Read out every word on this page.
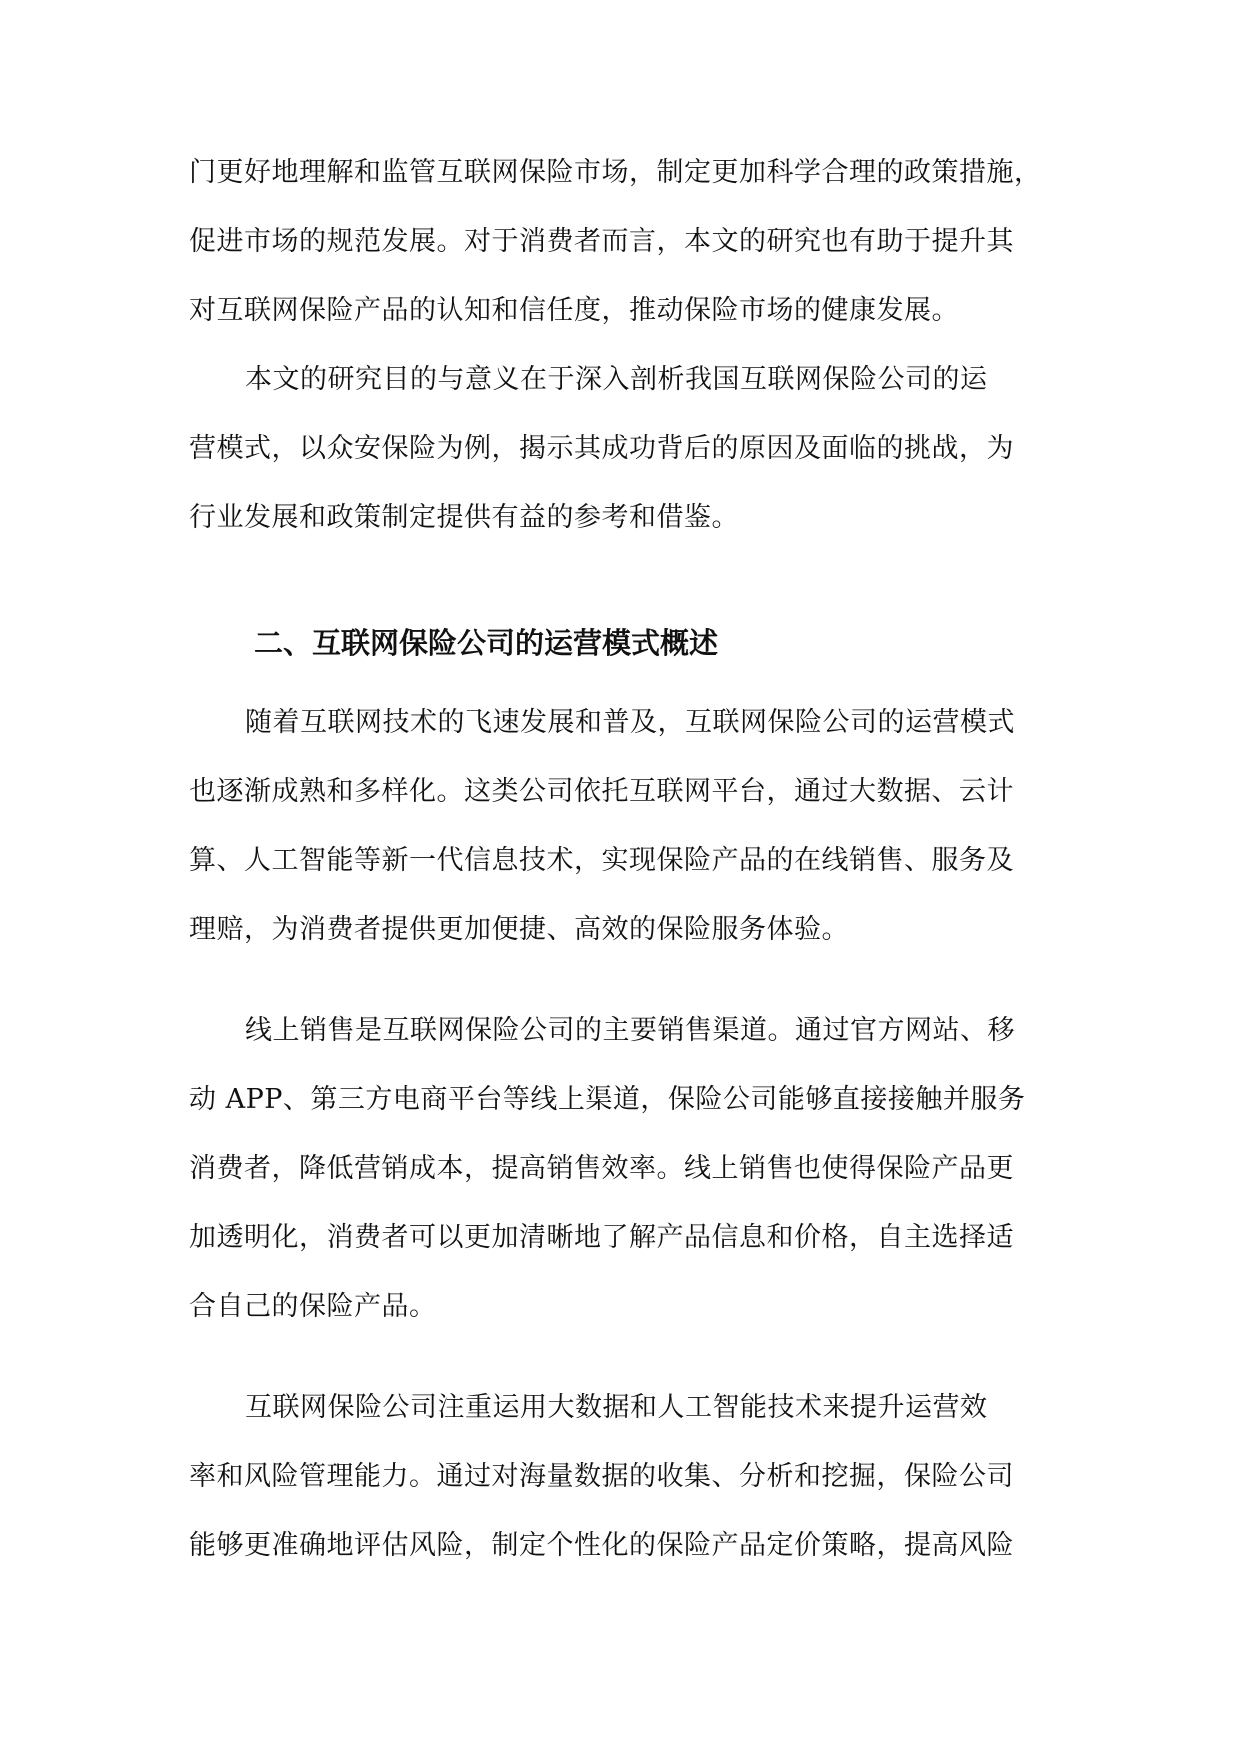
门更好地理解和监管互联网保险市场，制定更加科学合理的政策措施，
促进市场的规范发展。对于消费者而言，本文的研究也有助于提升其
对互联网保险产品的认知和信任度，推动保险市场的健康发展。
本文的研究目的与意义在于深入剖析我国互联网保险公司的运
营模式，以众安保险为例，揭示其成功背后的原因及面临的挑战，为
行业发展和政策制定提供有益的参考和借鉴。
二、互联网保险公司的运营模式概述
随着互联网技术的飞速发展和普及，互联网保险公司的运营模式
也逐渐成熟和多样化。这类公司依托互联网平台，通过大数据、云计
算、人工智能等新一代信息技术，实现保险产品的在线销售、服务及
理赔，为消费者提供更加便捷、高效的保险服务体验。
线上销售是互联网保险公司的主要销售渠道。通过官方网站、移
动 APP、第三方电商平台等线上渠道，保险公司能够直接接触并服务
消费者，降低营销成本，提高销售效率。线上销售也使得保险产品更
加透明化，消费者可以更加清晰地了解产品信息和价格，自主选择适
合自己的保险产品。
互联网保险公司注重运用大数据和人工智能技术来提升运营效
率和风险管理能力。通过对海量数据的收集、分析和挖掘，保险公司
能够更准确地评估风险，制定个性化的保险产品定价策略，提高风险
